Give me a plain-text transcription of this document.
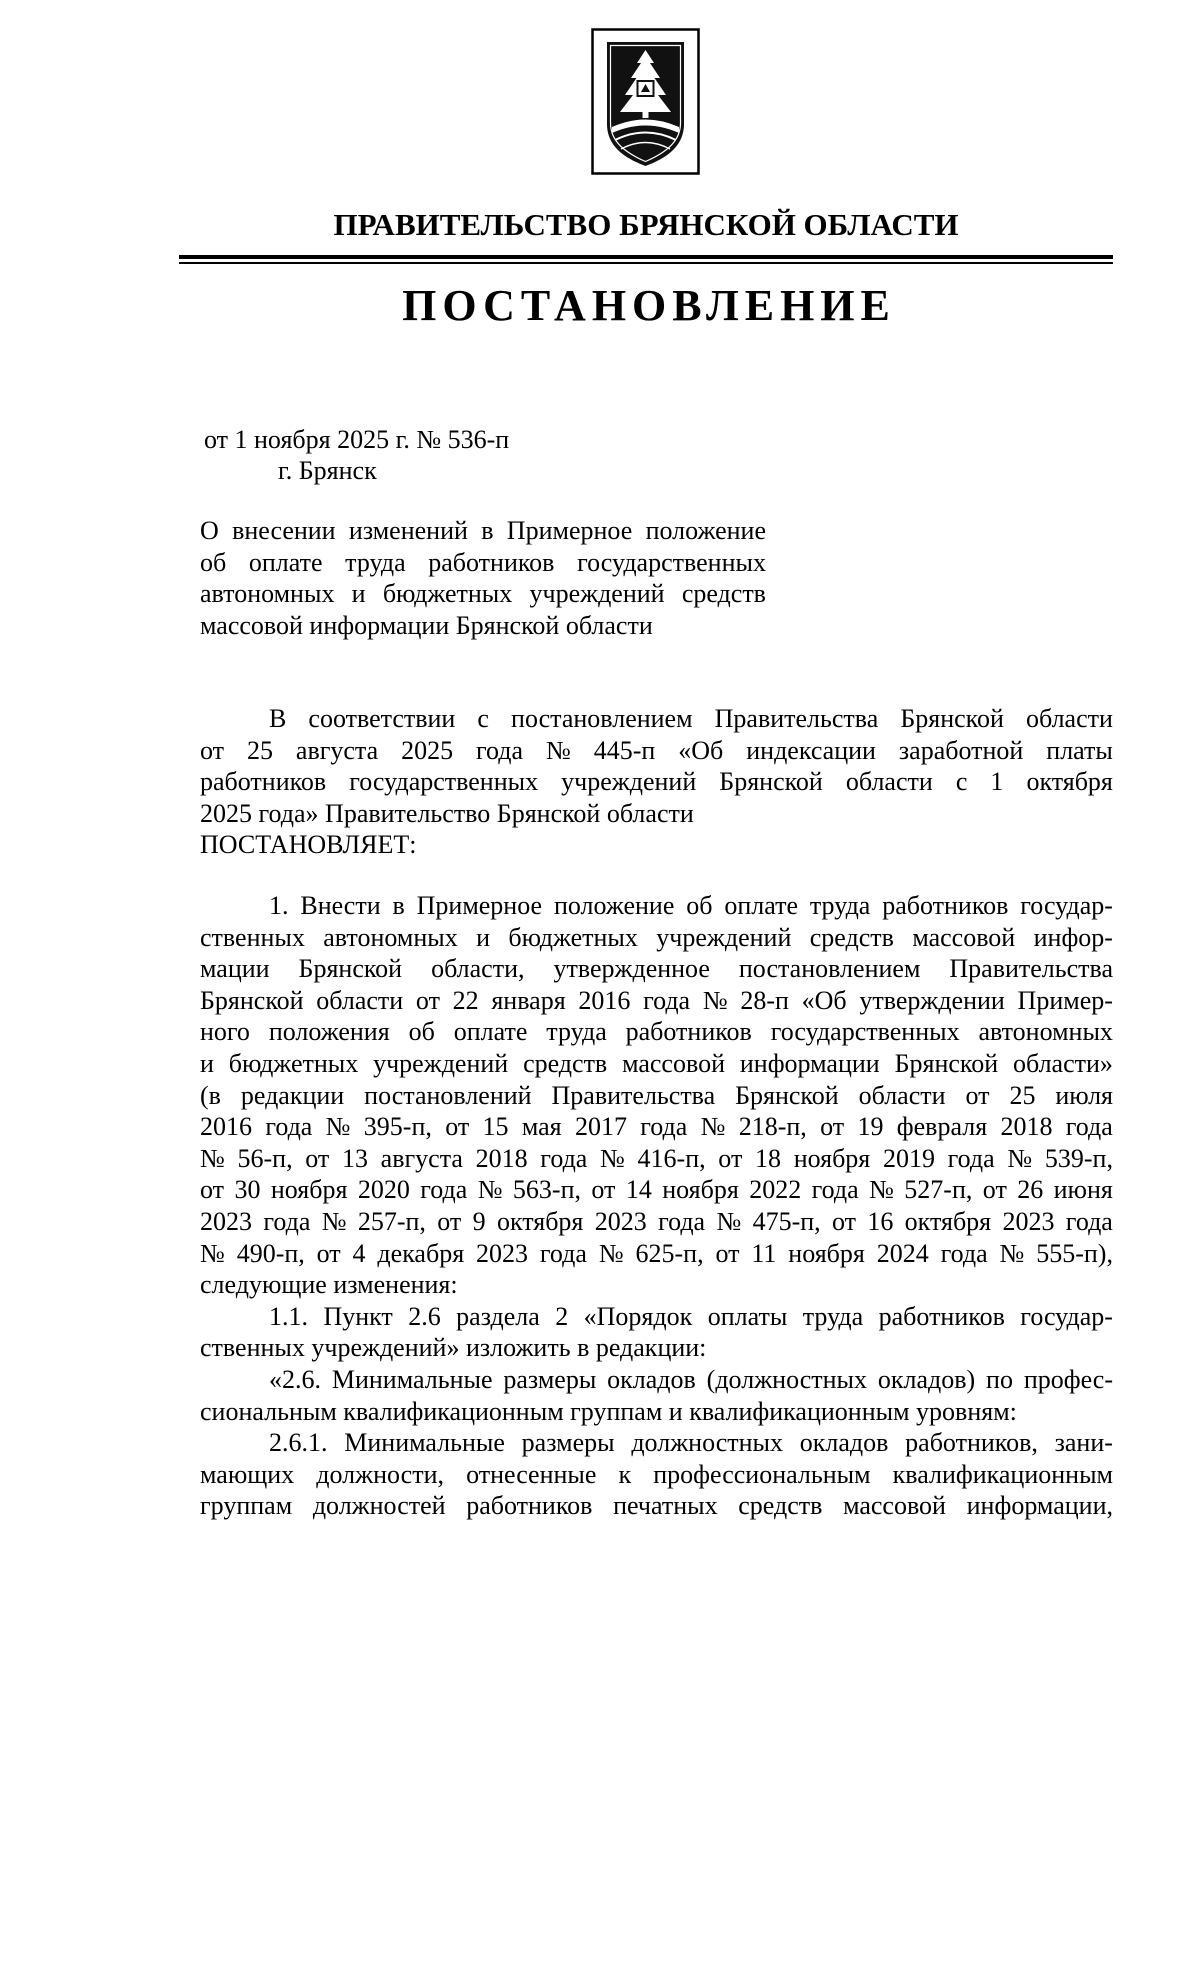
ПРАВИТЕЛЬСТВО БРЯНСКОЙ ОБЛАСТИ
ПОСТАНОВЛЕНИЕ
от 1 ноября 2025 г. № 536-п
г. Брянск
О внесении изменений в Примерное положение
об оплате труда работников государственных
автономных и бюджетных учреждений средств
массовой информации Брянской области
В соответствии с постановлением Правительства Брянской области
от 25 августа 2025 года № 445-п «Об индексации заработной платы
работников государственных учреждений Брянской области с 1 октября
2025 года» Правительство Брянской области
ПОСТАНОВЛЯЕТ:
1. Внести в Примерное положение об оплате труда работников государ-
ственных автономных и бюджетных учреждений средств массовой инфор-
мации Брянской области, утвержденное постановлением Правительства
Брянской области от 22 января 2016 года № 28-п «Об утверждении Пример-
ного положения об оплате труда работников государственных автономных
и бюджетных учреждений средств массовой информации Брянской области»
(в редакции постановлений Правительства Брянской области от 25 июля
2016 года № 395-п, от 15 мая 2017 года № 218-п, от 19 февраля 2018 года
№ 56-п, от 13 августа 2018 года № 416-п, от 18 ноября 2019 года № 539-п,
от 30 ноября 2020 года № 563-п, от 14 ноября 2022 года № 527-п, от 26 июня
2023 года № 257-п, от 9 октября 2023 года № 475-п, от 16 октября 2023 года
№ 490-п, от 4 декабря 2023 года № 625-п, от 11 ноября 2024 года № 555-п),
следующие изменения:
1.1. Пункт 2.6 раздела 2 «Порядок оплаты труда работников государ-
ственных учреждений» изложить в редакции:
«2.6. Минимальные размеры окладов (должностных окладов) по профес-
сиональным квалификационным группам и квалификационным уровням:
2.6.1. Минимальные размеры должностных окладов работников, зани-
мающих должности, отнесенные к профессиональным квалификационным
группам должностей работников печатных средств массовой информации,
